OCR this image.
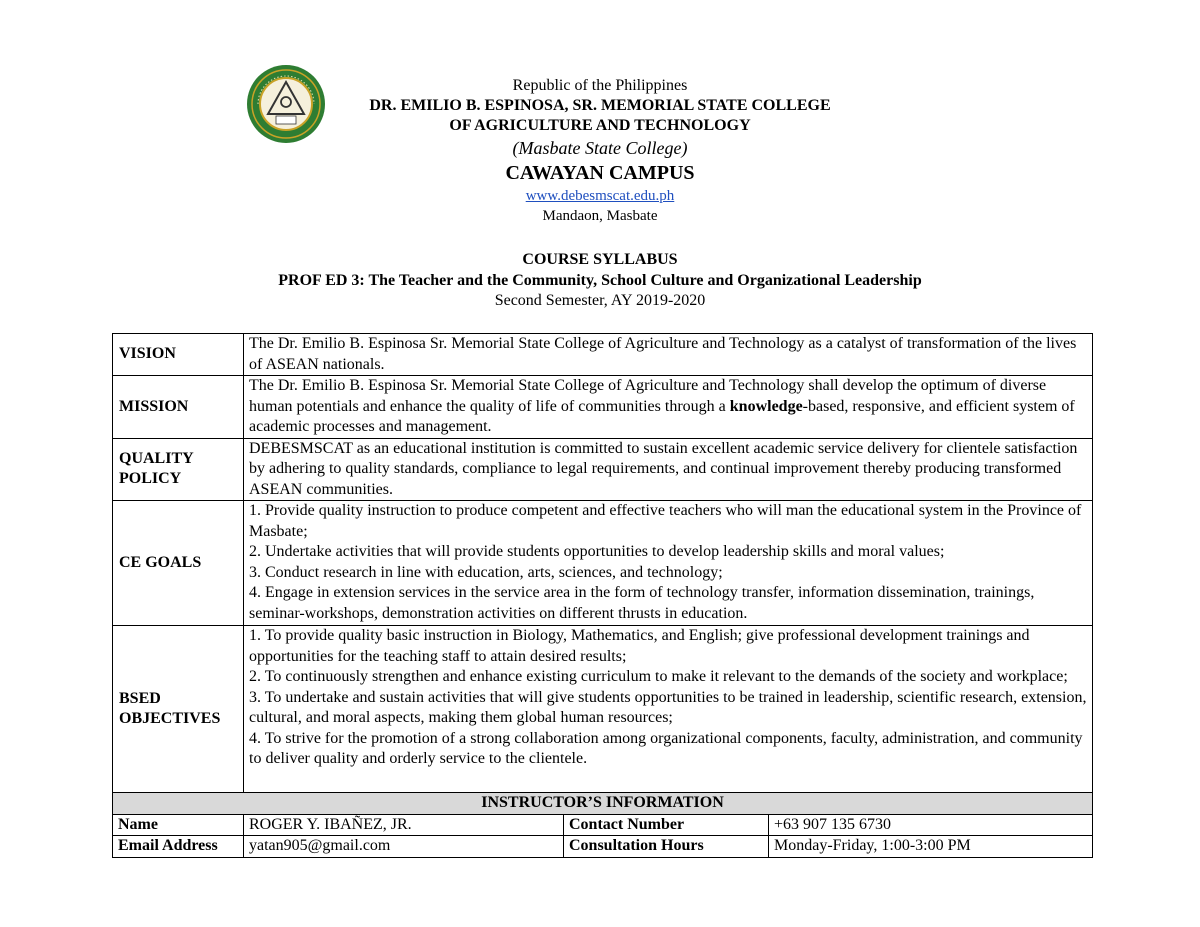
Republic of the Philippines
DR. EMILIO B. ESPINOSA, SR. MEMORIAL STATE COLLEGE
OF AGRICULTURE AND TECHNOLOGY
(Masbate State College)
CAWAYAN CAMPUS
www.debesmscat.edu.ph
Mandaon, Masbate
COURSE SYLLABUS
PROF ED 3: The Teacher and the Community, School Culture and Organizational Leadership
Second Semester, AY 2019-2020
VISION	The Dr. Emilio B. Espinosa Sr. Memorial State College of Agriculture and Technology as a catalyst of transformation of the lives of ASEAN nationals.		
MISSION	The Dr. Emilio B. Espinosa Sr. Memorial State College of Agriculture and Technology shall develop the optimum of diverse human potentials and enhance the quality of life of communities through a knowledge-based, responsive, and efficient system of academic processes and management.		
QUALITY POLICY	DEBESMSCAT as an educational institution is committed to sustain excellent academic service delivery for clientele satisfaction by adhering to quality standards, compliance to legal requirements, and continual improvement thereby producing transformed ASEAN communities.		
CE GOALS	1. Provide quality instruction to produce competent and effective teachers who will man the educational system in the Province of Masbate;
2. Undertake activities that will provide students opportunities to develop leadership skills and moral values;
3. Conduct research in line with education, arts, sciences, and technology;
4. Engage in extension services in the service area in the form of technology transfer, information dissemination, trainings, seminar-workshops, demonstration activities on different thrusts in education.		

BSED OBJECTIVES	1. To provide quality basic instruction in Biology, Mathematics, and English; give professional development trainings and opportunities for the teaching staff to attain desired results;
2. To continuously strengthen and enhance existing curriculum to make it relevant to the demands of the society and workplace;
3. To undertake and sustain activities that will give students opportunities to be trained in leadership, scientific research, extension, cultural, and moral aspects, making them global human resources;
4. To strive for the promotion of a strong collaboration among organizational components, faculty, administration, and community to deliver quality and orderly service to the clientele.		

INSTRUCTOR’S INFORMATION			
Name	ROGER Y. IBAÑEZ, JR.	Contact Number	+63 907 135 6730
Email Address	yatan905@gmail.com	Consultation Hours	Monday-Friday, 1:00-3:00 PM
